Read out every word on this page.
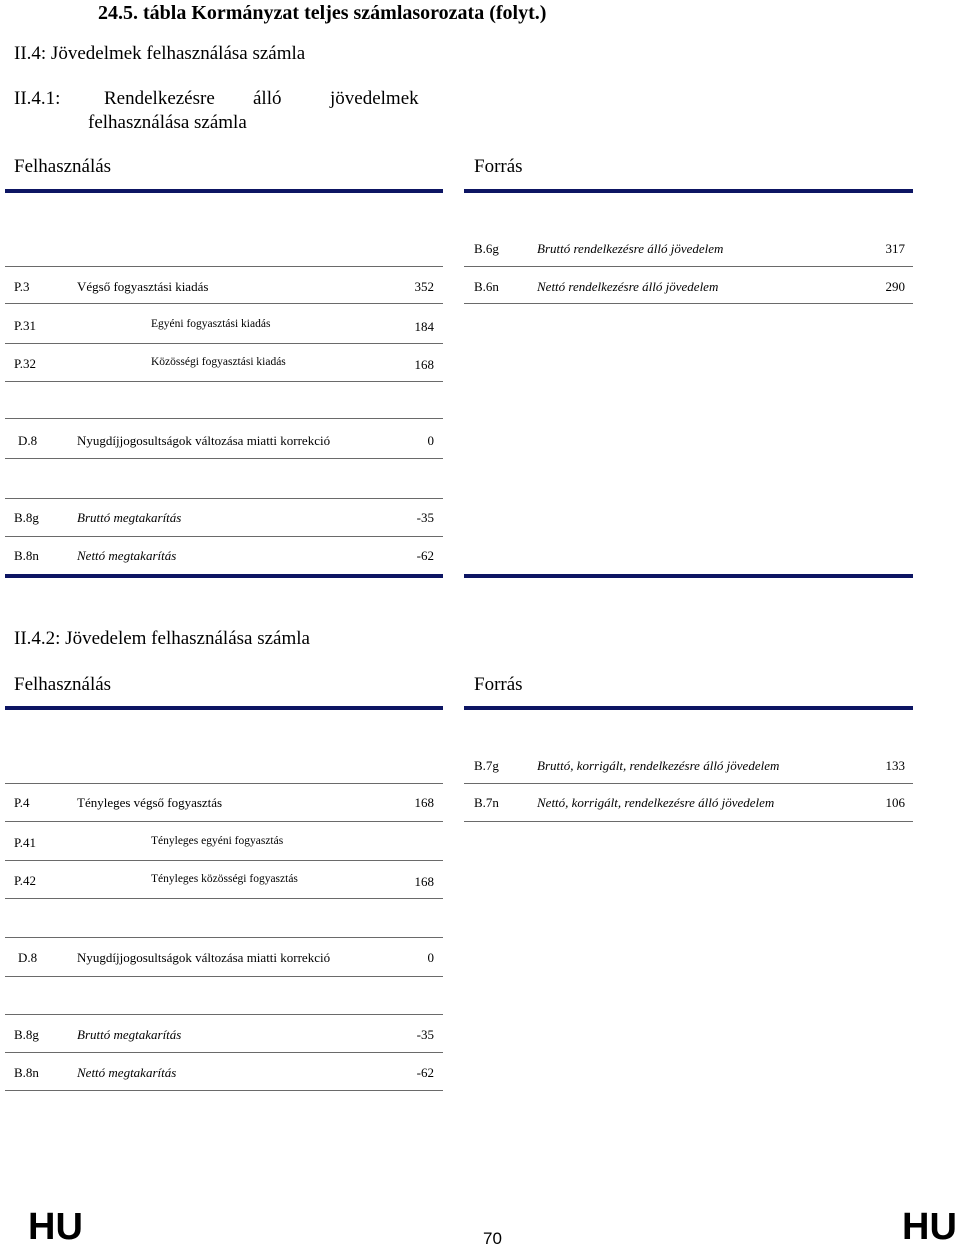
24.5. tábla Kormányzat teljes számlasorozata (folyt.)
II.4: Jövedelmek felhasználása számla
II.4.1: Rendelkezésre álló	jövedelmek
felhasználása számla
Felhasználás	Forrás
B.6g	Bruttó rendelkezésre álló jövedelem	317
B.6n	Nettó rendelkezésre álló jövedelem	290
P.3	Végső fogyasztási kiadás	352
P.31	Egyéni fogyasztási kiadás	184
P.32	Közösségi fogyasztási kiadás	168
D.8	Nyugdíjjogosultságok változása miatti korrekció	0
B.8g	Bruttó megtakarítás	-35
B.8n	Nettó megtakarítás	-62
II.4.2: Jövedelem felhasználása számla
Felhasználás	Forrás
B.7g	Bruttó, korrigált, rendelkezésre álló jövedelem	133
B.7n	Nettó, korrigált, rendelkezésre álló jövedelem	106
P.4	Tényleges végső fogyasztás	168
P.41	Tényleges egyéni fogyasztás
P.42	Tényleges közösségi fogyasztás	168
D.8	Nyugdíjjogosultságok változása miatti korrekció	0
B.8g	Bruttó megtakarítás	-35
B.8n	Nettó megtakarítás	-62
HU	70	HU
